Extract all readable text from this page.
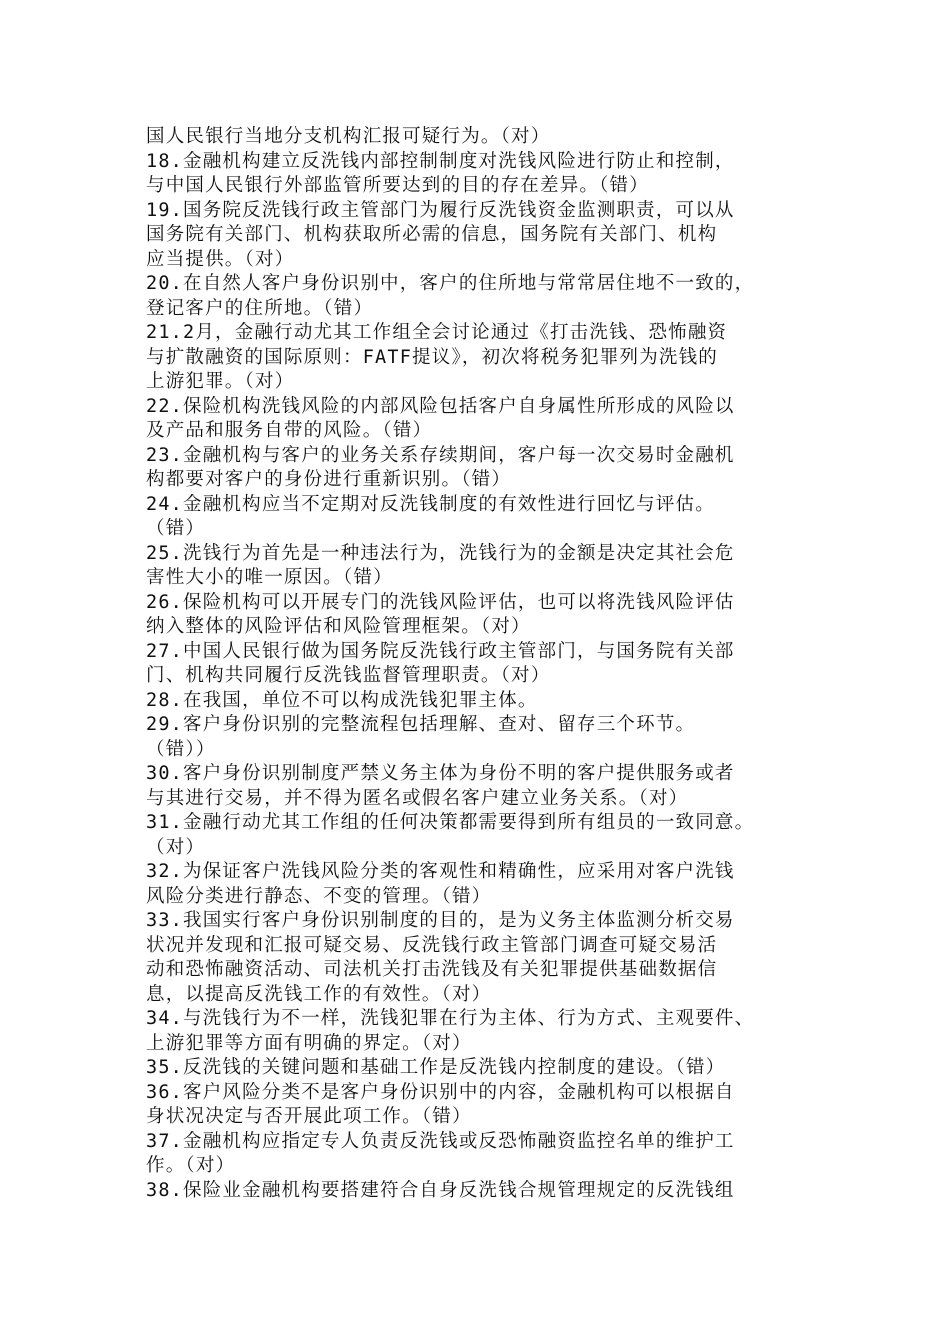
国人民银行当地分支机构汇报可疑行为。（对）
18.金融机构建立反洗钱内部控制制度对洗钱风险进行防止和控制，
与中国人民银行外部监管所要达到的目的存在差异。（错）
19.国务院反洗钱行政主管部门为履行反洗钱资金监测职责，可以从
国务院有关部门、机构获取所必需的信息，国务院有关部门、机构
应当提供。（对）
20.在自然人客户身份识别中，客户的住所地与常常居住地不一致的，
登记客户的住所地。（错）
21.2月，金融行动尤其工作组全会讨论通过《打击洗钱、恐怖融资
与扩散融资的国际原则：FATF提议》，初次将税务犯罪列为洗钱的
上游犯罪。（对）
22.保险机构洗钱风险的内部风险包括客户自身属性所形成的风险以
及产品和服务自带的风险。（错）
23.金融机构与客户的业务关系存续期间，客户每一次交易时金融机
构都要对客户的身份进行重新识别。（错）
24.金融机构应当不定期对反洗钱制度的有效性进行回忆与评估。
（错）
25.洗钱行为首先是一种违法行为，洗钱行为的金额是决定其社会危
害性大小的唯一原因。（错）
26.保险机构可以开展专门的洗钱风险评估，也可以将洗钱风险评估
纳入整体的风险评估和风险管理框架。（对）
27.中国人民银行做为国务院反洗钱行政主管部门，与国务院有关部
门、机构共同履行反洗钱监督管理职责。（对）
28.在我国，单位不可以构成洗钱犯罪主体。
29.客户身份识别的完整流程包括理解、查对、留存三个环节。
（错））
30.客户身份识别制度严禁义务主体为身份不明的客户提供服务或者
与其进行交易，并不得为匿名或假名客户建立业务关系。（对）
31.金融行动尤其工作组的任何决策都需要得到所有组员的一致同意。
（对）
32.为保证客户洗钱风险分类的客观性和精确性，应采用对客户洗钱
风险分类进行静态、不变的管理。（错）
33.我国实行客户身份识别制度的目的，是为义务主体监测分析交易
状况并发现和汇报可疑交易、反洗钱行政主管部门调查可疑交易活
动和恐怖融资活动、司法机关打击洗钱及有关犯罪提供基础数据信
息，以提高反洗钱工作的有效性。（对）
34.与洗钱行为不一样，洗钱犯罪在行为主体、行为方式、主观要件、
上游犯罪等方面有明确的界定。（对）
35.反洗钱的关键问题和基础工作是反洗钱内控制度的建设。（错）
36.客户风险分类不是客户身份识别中的内容，金融机构可以根据自
身状况决定与否开展此项工作。（错）
37.金融机构应指定专人负责反洗钱或反恐怖融资监控名单的维护工
作。（对）
38.保险业金融机构要搭建符合自身反洗钱合规管理规定的反洗钱组
